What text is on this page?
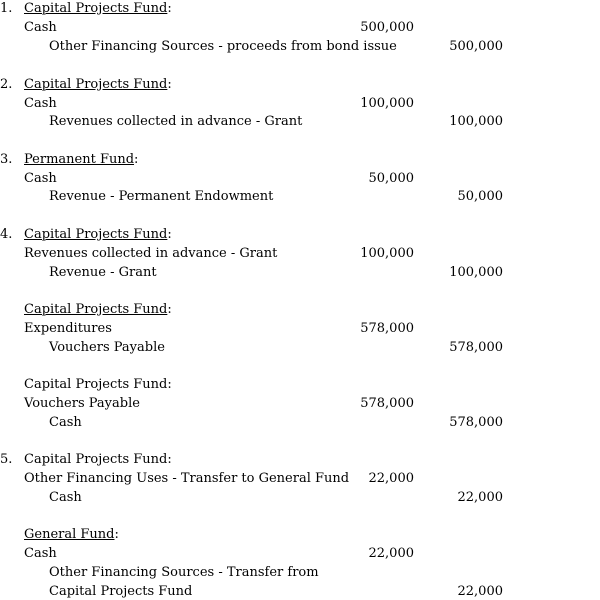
1. Capital Projects Fund:
Cash	500,000
Other Financing Sources - proceeds from bond issue	500,000
2. Capital Projects Fund:
Cash	100,000
Revenues collected in advance - Grant	100,000
3. Permanent Fund:
Cash	50,000
Revenue - Permanent Endowment	50,000
4. Capital Projects Fund:
Revenues collected in advance - Grant	100,000
Revenue - Grant	100,000
Capital Projects Fund:
Expenditures	578,000
Vouchers Payable	578,000
Capital Projects Fund:
Vouchers Payable	578,000
Cash	578,000
5. Capital Projects Fund:
Other Financing Uses - Transfer to General Fund	22,000
Cash	22,000
General Fund:
Cash	22,000
Other Financing Sources - Transfer from
Capital Projects Fund	22,000
